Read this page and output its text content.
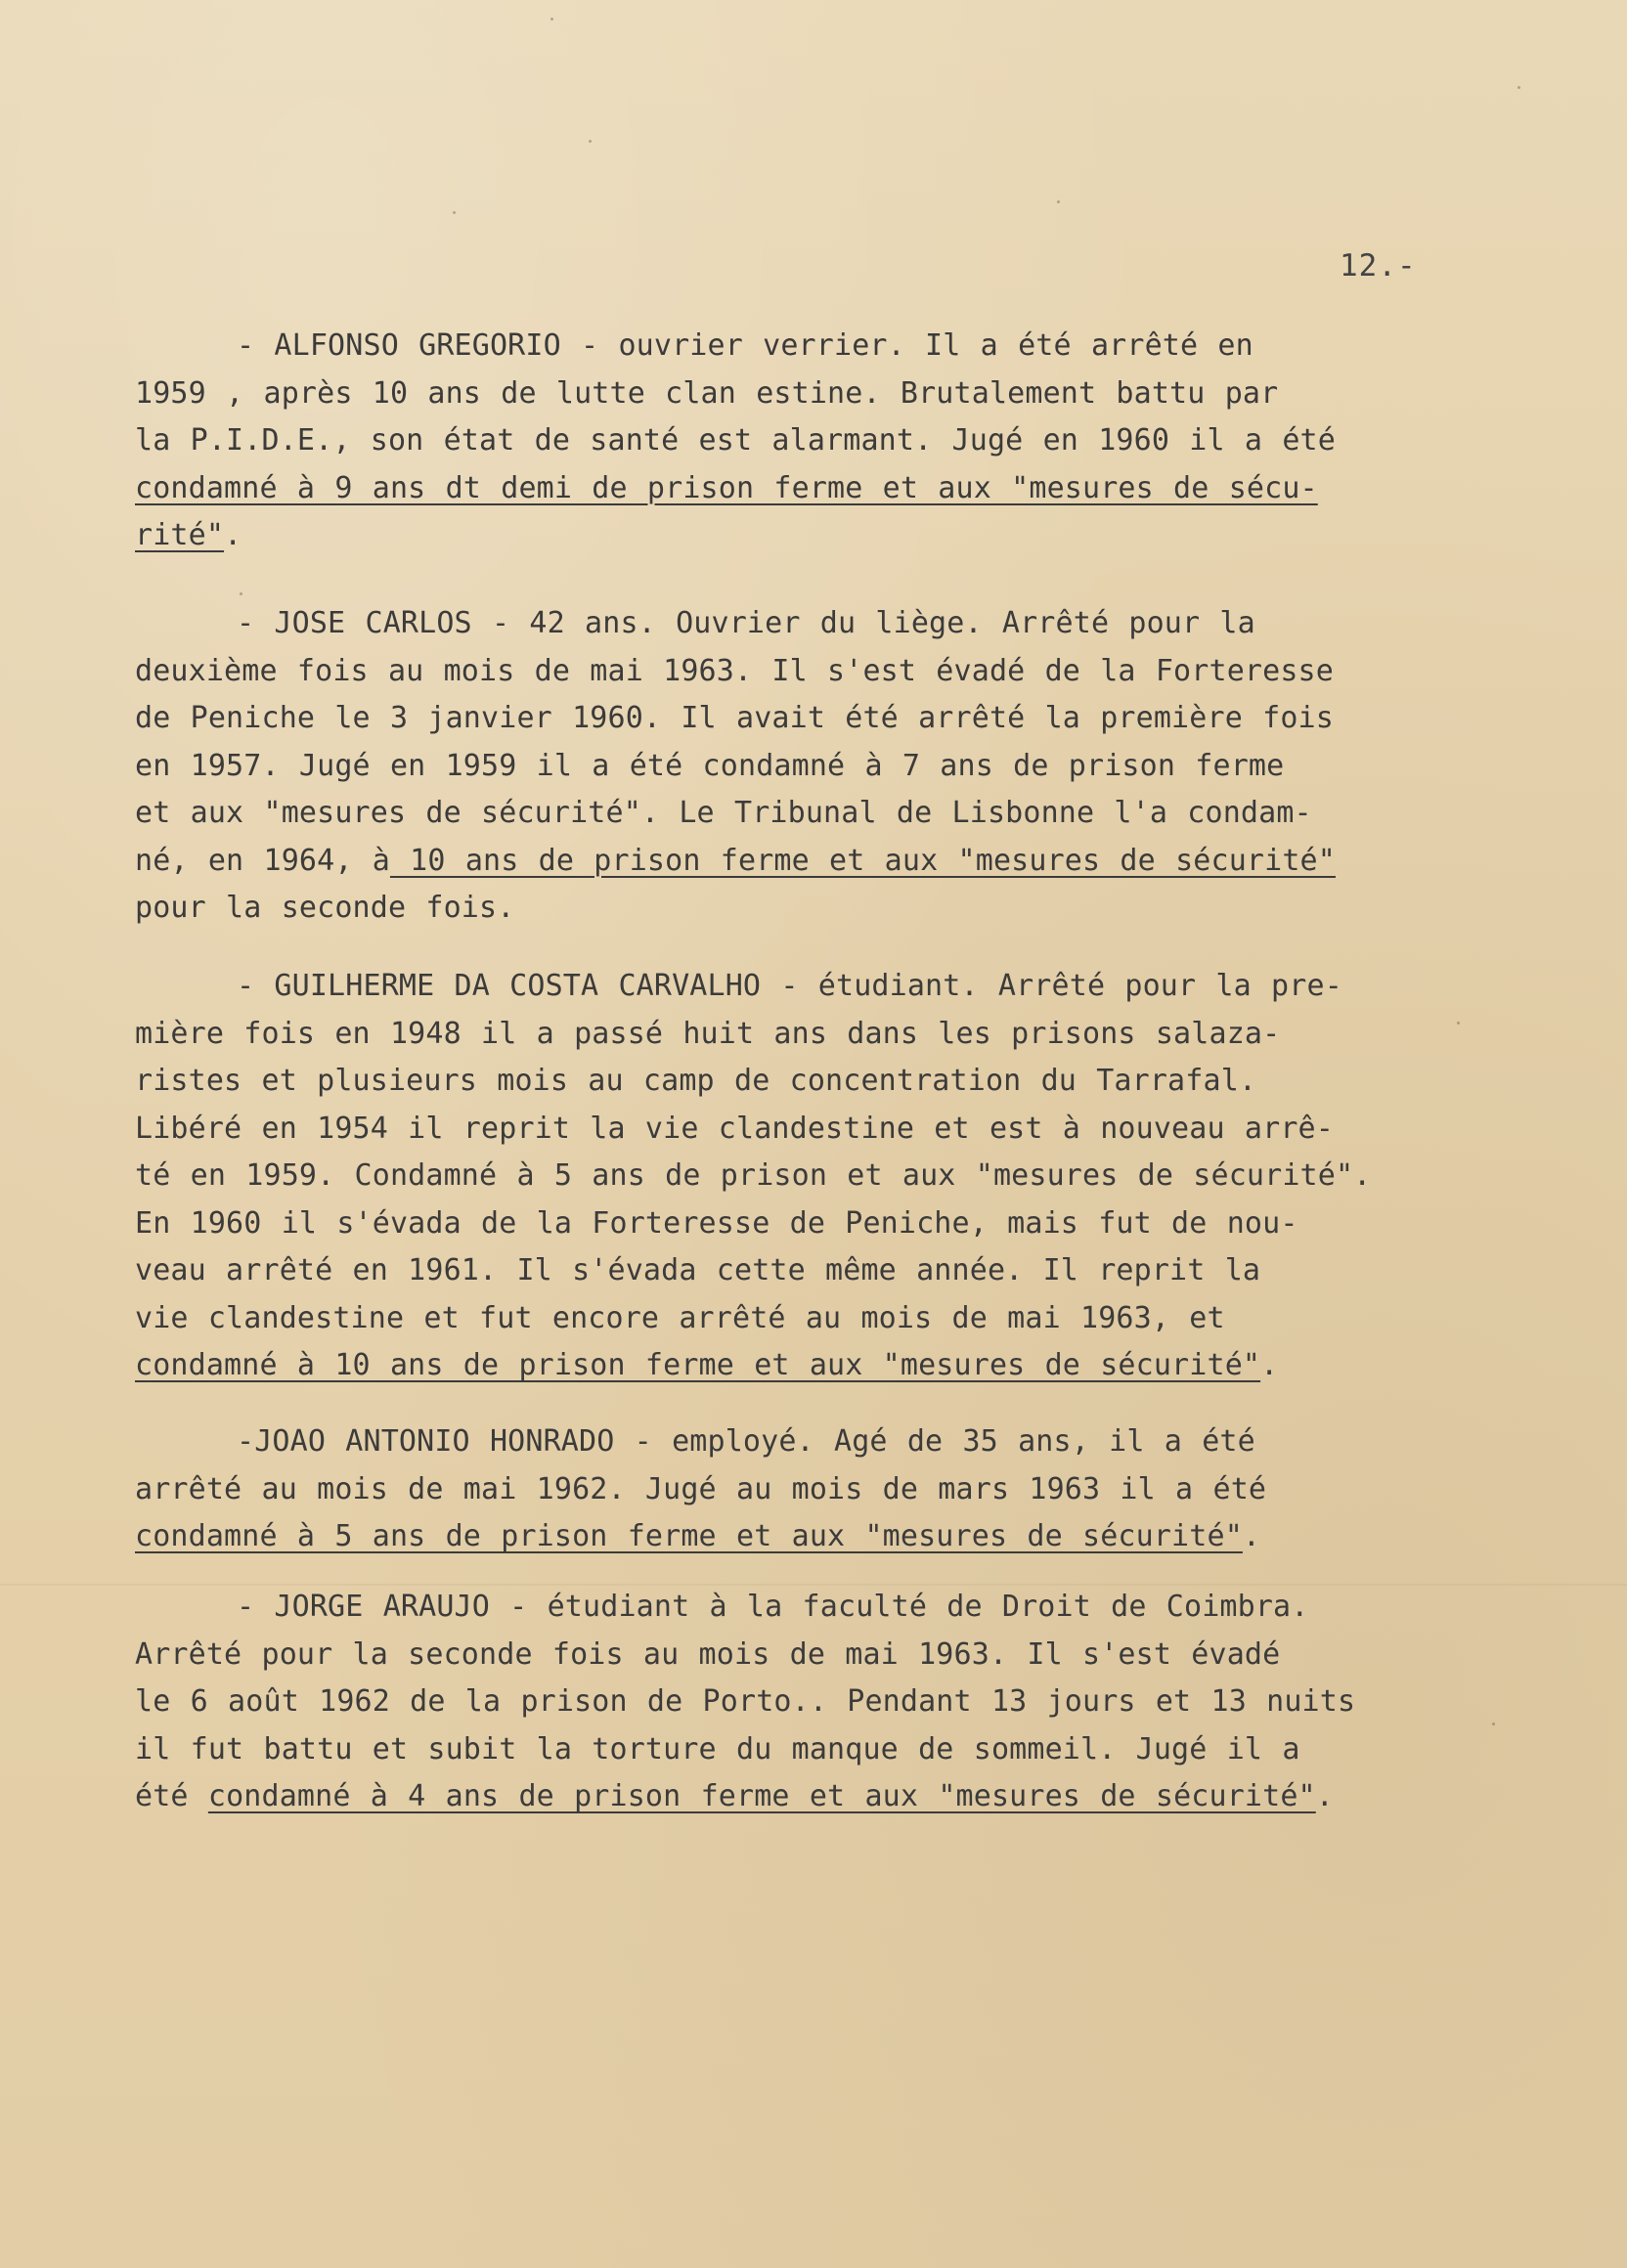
12.-
- ALFONSO GREGORIO - ouvrier verrier. Il a été arrêté en
1959 , après 10 ans de lutte clan estine. Brutalement battu par
la P.I.D.E., son état de santé est alarmant. Jugé en 1960 il a été
condamné à 9 ans dt demi de prison ferme et aux "mesures de sécu-
rité".
- JOSE CARLOS - 42 ans. Ouvrier du liège. Arrêté pour la
deuxième fois au mois de mai 1963. Il s'est évadé de la Forteresse
de Peniche le 3 janvier 1960. Il avait été arrêté la première fois
en 1957. Jugé en 1959 il a été condamné à 7 ans de prison ferme
et aux "mesures de sécurité". Le Tribunal de Lisbonne l'a condam-
né, en 1964, à 10 ans de prison ferme et aux "mesures de sécurité"
pour la seconde fois.
- GUILHERME DA COSTA CARVALHO - étudiant. Arrêté pour la pre-
mière fois en 1948 il a passé huit ans dans les prisons salaza-
ristes et plusieurs mois au camp de concentration du Tarrafal.
Libéré en 1954 il reprit la vie clandestine et est à nouveau arrê-
té en 1959. Condamné à 5 ans de prison et aux "mesures de sécurité".
En 1960 il s'évada de la Forteresse de Peniche, mais fut de nou-
veau arrêté en 1961. Il s'évada cette même année. Il reprit la
vie clandestine et fut encore arrêté au mois de mai 1963, et
condamné à 10 ans de prison ferme et aux "mesures de sécurité".
-JOAO ANTONIO HONRADO - employé. Agé de 35 ans, il a été
arrêté au mois de mai 1962. Jugé au mois de mars 1963 il a été
condamné à 5 ans de prison ferme et aux "mesures de sécurité".
- JORGE ARAUJO - étudiant à la faculté de Droit de Coimbra.
Arrêté pour la seconde fois au mois de mai 1963. Il s'est évadé
le 6 août 1962 de la prison de Porto.. Pendant 13 jours et 13 nuits
il fut battu et subit la torture du manque de sommeil. Jugé il a
été condamné à 4 ans de prison ferme et aux "mesures de sécurité".
